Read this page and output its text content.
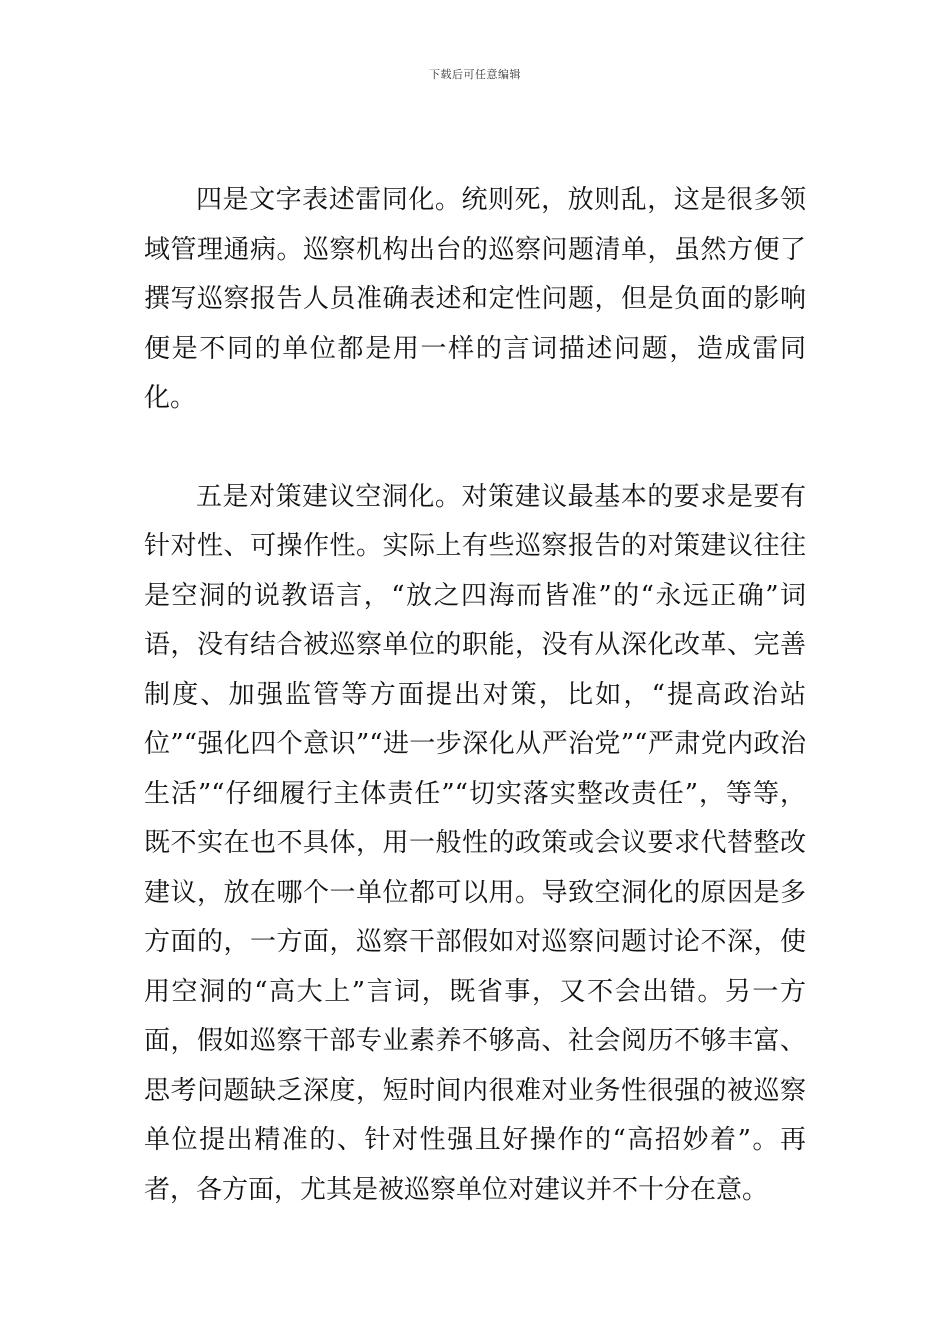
下载后可任意编辑

四是文字表述雷同化。统则死，放则乱，这是很多领域管理通病。巡察机构出台的巡察问题清单，虽然方便了撰写巡察报告人员准确表述和定性问题，但是负面的影响便是不同的单位都是用一样的言词描述问题，造成雷同化。

五是对策建议空洞化。对策建议最基本的要求是要有针对性、可操作性。实际上有些巡察报告的对策建议往往是空洞的说教语言，“放之四海而皆准”的“永远正确”词语，没有结合被巡察单位的职能，没有从深化改革、完善制度、加强监管等方面提出对策，比如，“提高政治站位”“强化四个意识”“进一步深化从严治党”“严肃党内政治生活”“仔细履行主体责任”“切实落实整改责任”，等等，既不实在也不具体，用一般性的政策或会议要求代替整改建议，放在哪个一单位都可以用。导致空洞化的原因是多方面的，一方面，巡察干部假如对巡察问题讨论不深，使用空洞的“高大上”言词，既省事，又不会出错。另一方面，假如巡察干部专业素养不够高、社会阅历不够丰富、思考问题缺乏深度，短时间内很难对业务性很强的被巡察单位提出精准的、针对性强且好操作的“高招妙着”。再者，各方面，尤其是被巡察单位对建议并不十分在意。
